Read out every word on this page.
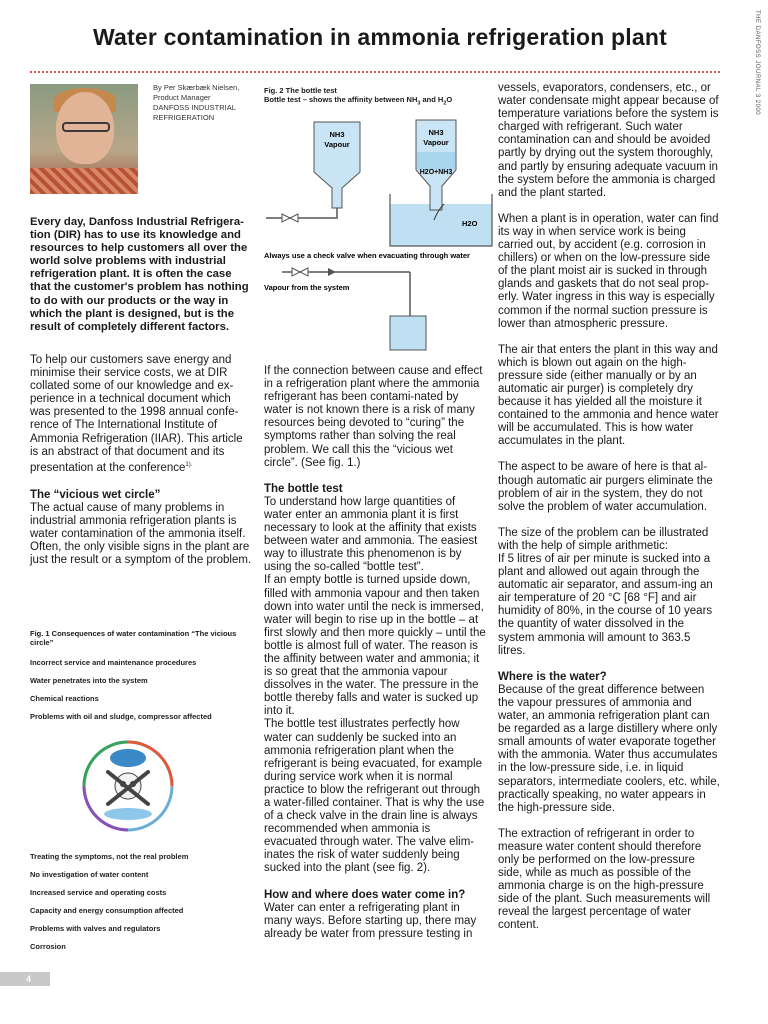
THE DANFOSS JOURNAL 3 2000
Water contamination in ammonia refrigeration plant
By Per Skærbæk Nielsen,
Product Manager
DANFOSS INDUSTRIAL
REFRIGERATION

Every day, Danfoss Industrial Refrigera-tion (DIR) has to use its knowledge and resources to help customers all over the world solve problems with industrial refrigeration plant. It is often the case that the customer's problem has nothing to do with our products or the way in which the plant is designed, but is the result of completely different factors.

To help our customers save energy and minimise their service costs, we at DIR collated some of our knowledge and ex-perience in a technical document which was presented to the 1998 annual confe-rence of The International Institute of Ammonia Refrigeration (IIAR). This article is an abstract of that document and its presentation at the conference$^{1).}$

The “vicious wet circle”

The actual cause of many problems in industrial ammonia refrigeration plants is water contamination of the ammonia itself. Often, the only visible signs in the plant are just the result or a symptom of the problem.

Fig. 1 Consequences of water contamination “The vicious circle”
Incorrect service and maintenance procedures
Water penetrates into the system
Chemical reactions
Problems with oil and sludge, compressor affected
Treating the symptoms, not the real problem
No investigation of water content
Increased service and operating costs
Capacity and energy consumption affected
Problems with valves and regulators
Corrosion
Fig. 2 The bottle test
Bottle test – shows the affinity between $NH_3$ and $H_2O$
NH3
Vapour
NH3
Vapour
H2O+NH3
H2O
Always use a check valve when evacuating through water
Vapour from the system

If the connection between cause and effect in a refrigeration plant where the ammonia refrigerant has been contami-nated by water is not known there is a risk of many resources being devoted to “curing” the symptoms rather than solving the real problem. We call this the “vicious wet circle”. (See fig. 1.)

The bottle test

To understand how large quantities of water enter an ammonia plant it is first necessary to look at the affinity that exists between water and ammonia. The easiest way to illustrate this phenomenon is by using the so-called “bottle test”.

If an empty bottle is turned upside down, filled with ammonia vapour and then taken down into water until the neck is immersed, water will begin to rise up in the bottle – at first slowly and then more quickly – until the bottle is almost full of water. The reason is the affinity between water and ammonia; it is so great that the ammonia vapour dissolves in the water. The pressure in the bottle thereby falls and water is sucked up into it.

The bottle test illustrates perfectly how water can suddenly be sucked into an ammonia refrigeration plant when the refrigerant is being evacuated, for example during service work when it is normal practice to blow the refrigerant out through a water-filled container. That is why the use of a check valve in the drain line is always recommended when ammonia is evacuated through water. The valve elim-inates the risk of water suddenly being sucked into the plant (see fig. 2).

How and where does water come in?

Water can enter a refrigerating plant in many ways. Before starting up, there may already be water from pressure testing in

vessels, evaporators, condensers, etc., or water condensate might appear because of temperature variations before the system is charged with refrigerant. Such water contamination can and should be avoided partly by drying out the system thoroughly, and partly by ensuring adequate vacuum in the system before the ammonia is charged and the plant started.

When a plant is in operation, water can find its way in when service work is being carried out, by accident (e.g. corrosion in chillers) or when on the low-pressure side of the plant moist air is sucked in through glands and gaskets that do not seal prop-erly. Water ingress in this way is especially common if the normal suction pressure is lower than atmospheric pressure.

The air that enters the plant in this way and which is blown out again on the high-pressure side (either manually or by an automatic air purger) is completely dry because it has yielded all the moisture it contained to the ammonia and hence water will be accumulated. This is how water accumulates in the plant.

The aspect to be aware of here is that al-though automatic air purgers eliminate the problem of air in the system, they do not solve the problem of water accumulation.

The size of the problem can be illustrated with the help of simple arithmetic:

If 5 litres of air per minute is sucked into a plant and allowed out again through the automatic air separator, and assum-ing an air temperature of 20 °C [68 °F] and air humidity of 80%, in the course of 10 years the quantity of water dissolved in the system ammonia will amount to 363.5 litres.

Where is the water?

Because of the great difference between the vapour pressures of ammonia and water, an ammonia refrigeration plant can be regarded as a large distillery where only small amounts of water evaporate together with the ammonia. Water thus accumulates in the low-pressure side, i.e. in liquid separators, intermediate coolers, etc. while, practically speaking, no water appears in the high-pressure side.

The extraction of refrigerant in order to measure water content should therefore only be performed on the low-pressure side, while as much as possible of the ammonia charge is on the high-pressure side of the plant. Such measurements will reveal the largest percentage of water content.

4
